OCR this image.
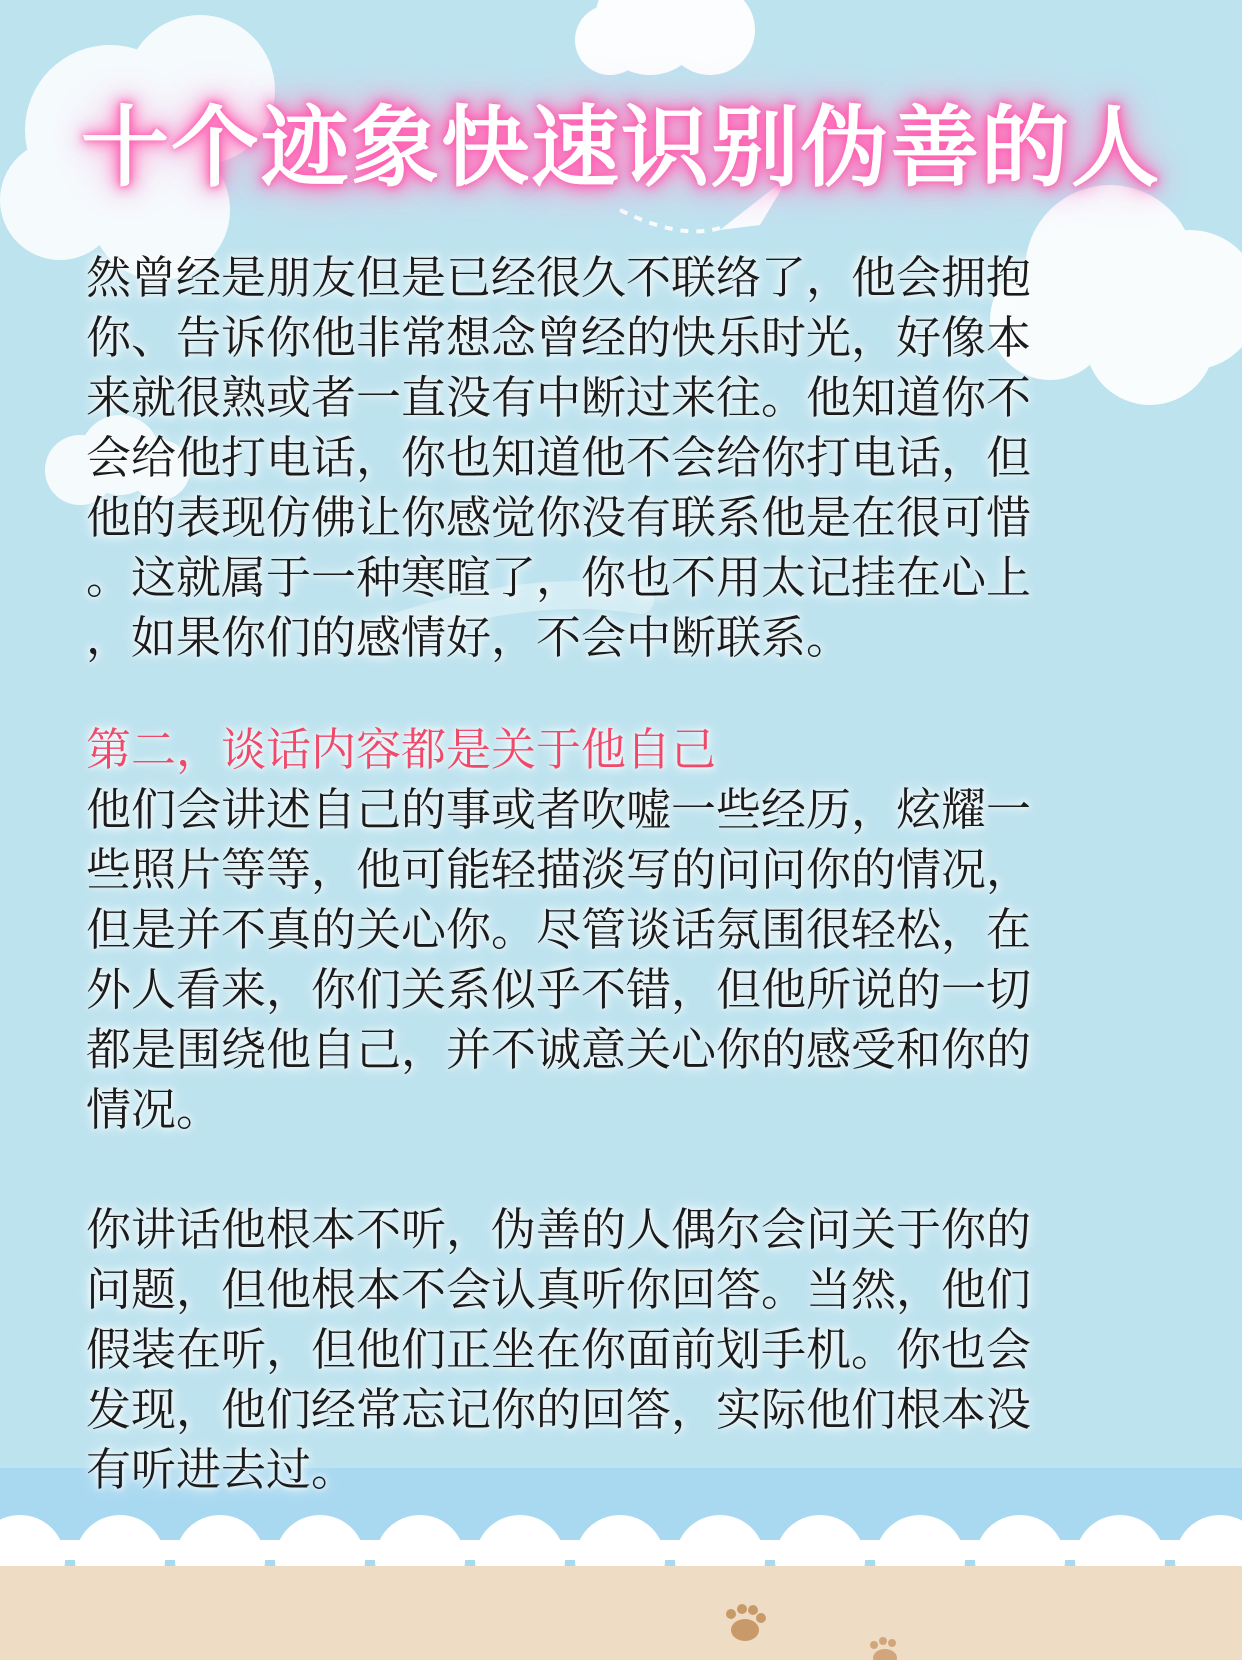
十个迹象快速识别伪善的人

然曾经是朋友但是已经很久不联络了，他会拥抱
你、告诉你他非常想念曾经的快乐时光，好像本
来就很熟或者一直没有中断过来往。他知道你不
会给他打电话，你也知道他不会给你打电话，但
他的表现仿佛让你感觉你没有联系他是在很可惜
。这就属于一种寒暄了，你也不用太记挂在心上
，如果你们的感情好，不会中断联系。

第二，谈话内容都是关于他自己

他们会讲述自己的事或者吹嘘一些经历，炫耀一
些照片等等，他可能轻描淡写的问问你的情况，
但是并不真的关心你。尽管谈话氛围很轻松，在
外人看来，你们关系似乎不错，但他所说的一切
都是围绕他自己，并不诚意关心你的感受和你的
情况。

你讲话他根本不听，伪善的人偶尔会问关于你的
问题，但他根本不会认真听你回答。当然，他们
假装在听，但他们正坐在你面前划手机。你也会
发现，他们经常忘记你的回答，实际他们根本没
有听进去过。
